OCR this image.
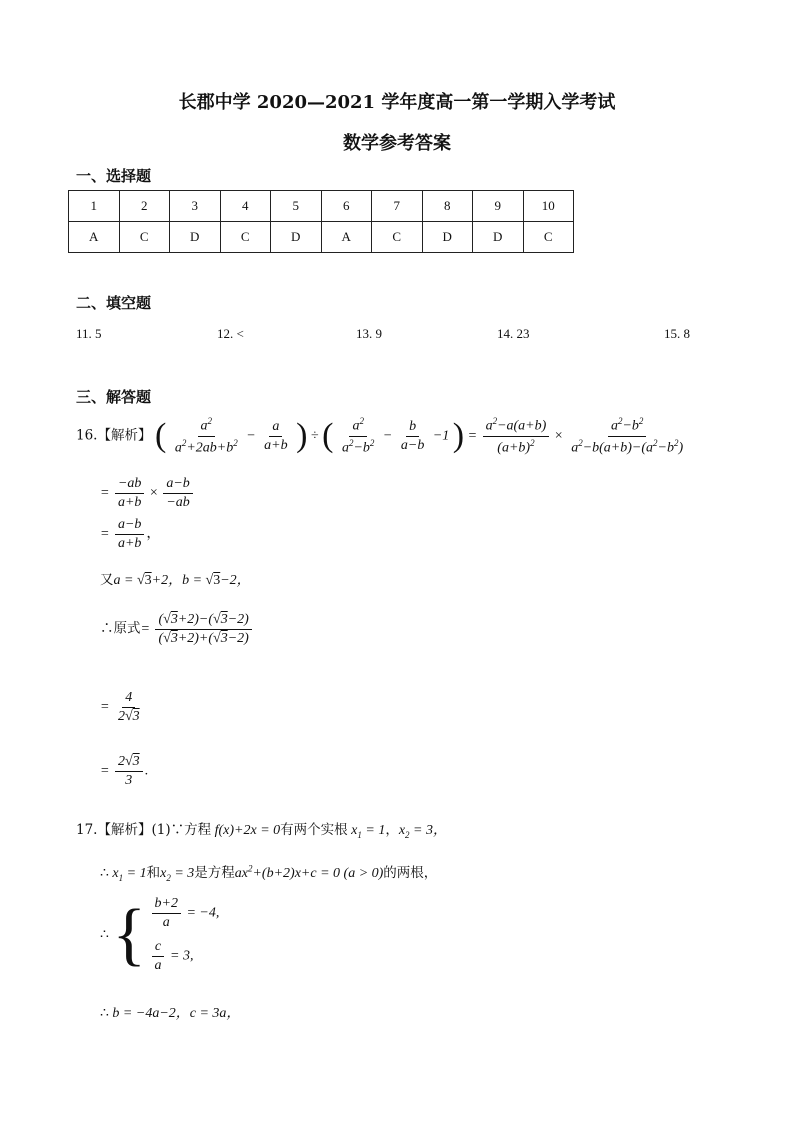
长郡中学 2020—2021 学年度高一第一学期入学考试
数学参考答案
一、选择题
1	2	3	4	5	6	7	8	9	10
A	C	D	C	D	A	C	D	D	C
二、填空题
11. 5	12. <	13. 9	14. 23	15. 8
三、解答题
16.【解析】 ( $\frac{a^2}{a^2+2ab+b^2} - \frac{a}{a+b}$ ) ÷ ( $\frac{a^2}{a^2-b^2} - \frac{b}{a-b} -1$ ) = $\frac{a^2-a(a+b)}{(a+b)^2} \times \frac{a^2-b^2}{a^2-b(a+b)-(a^2-b^2)}$
= $\frac{-ab}{a+b} \times \frac{a-b}{-ab}$
= $\frac{a-b}{a+b}$ ，
又a = √3+2，b = √3−2，
∴原式= $\frac{(√3+2)-(√3-2)}{(√3+2)+(√3-2)}$
= $\frac{4}{2√3}$
= $\frac{2√3}{3}$ .
17.【解析】(1)∵方程 f(x)+2x = 0有两个实根 $x_1 = 1$，$x_2 = 3$，
∴ $x_1 = 1$和$x_2 = 3$是方程$ax^2+(b+2)x+c = 0$ (a > 0)的两根，
∴ { $\frac{b+2}{a} = -4$,
$\frac{c}{a} = 3$,
∴ b = −4a−2，c = 3a，
